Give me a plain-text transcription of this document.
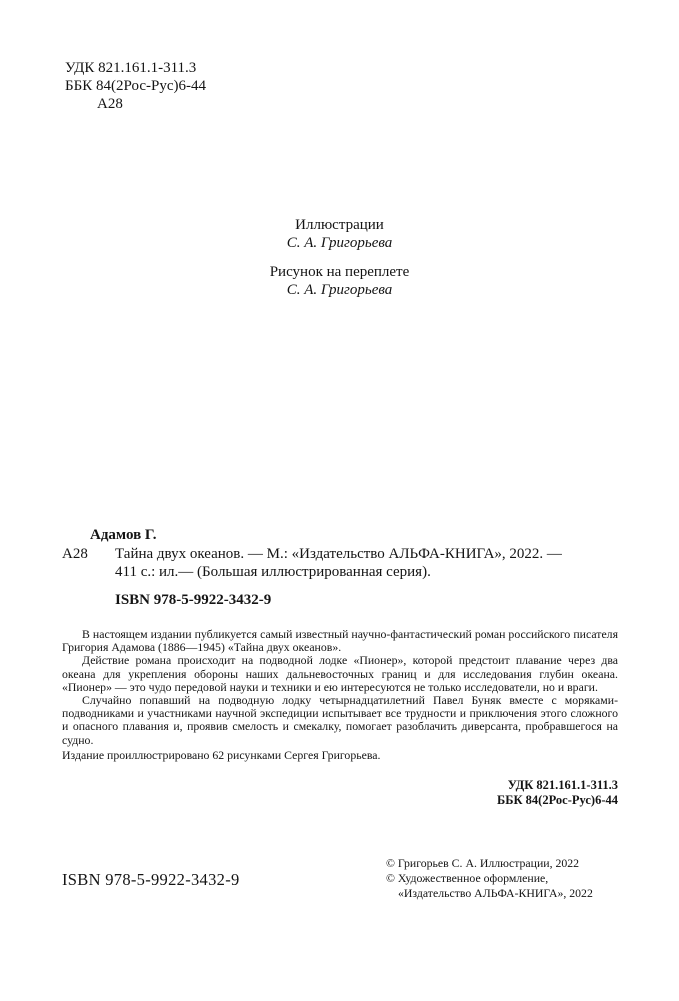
УДК 821.161.1-311.3
ББК 84(2Рос-Рус)6-44
А28
Иллюстрации
С. А. Григорьева
Рисунок на переплете
С. А. Григорьева
Адамов Г.
А28 Тайна двух океанов. — М.: «Издательство АЛЬФА-КНИГА», 2022. —
411 с.: ил.— (Большая иллюстрированная серия).
ISBN 978-5-9922-3432-9

В настоящем издании публикуется самый известный научно-фантастический роман российского писателя Григория Адамова (1886—1945) «Тайна двух океанов».

Действие романа происходит на подводной лодке «Пионер», которой предстоит плавание через два океана для укрепления обороны наших дальневосточных границ и для исследования глубин океана. «Пионер» — это чудо передовой науки и техники и ею интересуются не только исследователи, но и враги.

Случайно попавший на подводную лодку четырнадцатилетний Павел Буняк вместе с моряками-подводниками и участниками научной экспедиции испытывает все трудности и приключения этого сложного и опасного плавания и, проявив смелость и смекалку, помогает разоблачить диверсанта, пробравшегося на судно.

Издание проиллюстрировано 62 рисунками Сергея Григорьева.

УДК 821.161.1-311.3
ББК 84(2Рос-Рус)6-44
ISBN 978-5-9922-3432-9
© Григорьев С. А. Иллюстрации, 2022
© Художественное оформление,
«Издательство АЛЬФА-КНИГА», 2022
